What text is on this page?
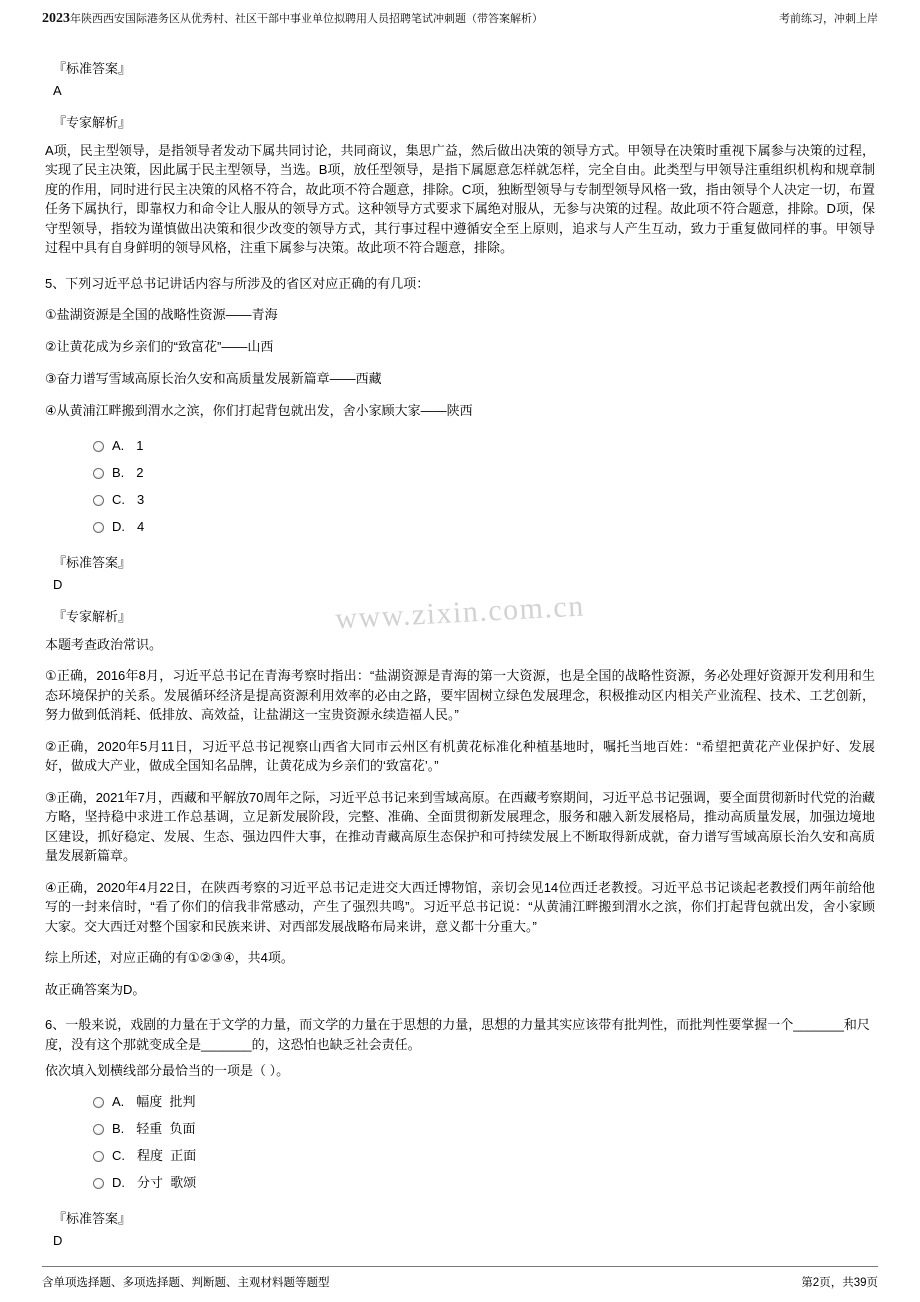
2023年陕西西安国际港务区从优秀村、社区干部中事业单位拟聘用人员招聘笔试冲刺题（带答案解析）	考前练习，冲刺上岸

『标准答案』

A

『专家解析』

A项，民主型领导，是指领导者发动下属共同讨论，共同商议，集思广益，然后做出决策的领导方式。甲领导在决策时重视下属参与决策的过程，实现了民主决策，因此属于民主型领导，当选。B项，放任型领导，是指下属愿意怎样就怎样，完全自由。此类型与甲领导注重组织机构和规章制度的作用，同时进行民主决策的风格不符合，故此项不符合题意，排除。C项，独断型领导与专制型领导风格一致，指由领导个人决定一切，布置任务下属执行，即靠权力和命令让人服从的领导方式。这种领导方式要求下属绝对服从，无参与决策的过程。故此项不符合题意，排除。D项，保守型领导，指较为谨慎做出决策和很少改变的领导方式，其行事过程中遵循安全至上原则，追求与人产生互动，致力于重复做同样的事。甲领导过程中具有自身鲜明的领导风格，注重下属参与决策。故此项不符合题意，排除。

5、下列习近平总书记讲话内容与所涉及的省区对应正确的有几项：

①盐湖资源是全国的战略性资源——青海

②让黄花成为乡亲们的“致富花”——山西

③奋力谱写雪域高原长治久安和高质量发展新篇章——西藏

④从黄浦江畔搬到渭水之滨，你们打起背包就出发，舍小家顾大家——陕西

A. 1
B. 2
C. 3
D. 4

『标准答案』

D

『专家解析』

本题考查政治常识。

①正确，2016年8月，习近平总书记在青海考察时指出：“盐湖资源是青海的第一大资源，也是全国的战略性资源，务必处理好资源开发利用和生态环境保护的关系。发展循环经济是提高资源利用效率的必由之路，要牢固树立绿色发展理念，积极推动区内相关产业流程、技术、工艺创新，努力做到低消耗、低排放、高效益，让盐湖这一宝贵资源永续造福人民。”

②正确，2020年5月11日，习近平总书记视察山西省大同市云州区有机黄花标准化种植基地时，嘱托当地百姓：“希望把黄花产业保护好、发展好，做成大产业，做成全国知名品牌，让黄花成为乡亲们的‘致富花’。”

③正确，2021年7月，西藏和平解放70周年之际，习近平总书记来到雪域高原。在西藏考察期间，习近平总书记强调，要全面贯彻新时代党的治藏方略，坚持稳中求进工作总基调，立足新发展阶段，完整、准确、全面贯彻新发展理念，服务和融入新发展格局，推动高质量发展，加强边境地区建设，抓好稳定、发展、生态、强边四件大事，在推动青藏高原生态保护和可持续发展上不断取得新成就，奋力谱写雪域高原长治久安和高质量发展新篇章。

④正确，2020年4月22日，在陕西考察的习近平总书记走进交大西迁博物馆，亲切会见14位西迁老教授。习近平总书记谈起老教授们两年前给他写的一封来信时，“看了你们的信我非常感动，产生了强烈共鸣”。习近平总书记说：“从黄浦江畔搬到渭水之滨，你们打起背包就出发，舍小家顾大家。交大西迁对整个国家和民族来讲、对西部发展战略布局来讲，意义都十分重大。”

综上所述，对应正确的有①②③④，共4项。

故正确答案为D。

6、一般来说，戏剧的力量在于文学的力量，而文学的力量在于思想的力量，思想的力量其实应该带有批判性，而批判性要掌握一个_______和尺度，没有这个那就变成全是_______的，这恐怕也缺乏社会责任。

依次填入划横线部分最恰当的一项是（ ）。

A. 幅度  批判
B. 轻重  负面
C. 程度  正面
D. 分寸  歌颂

『标准答案』

D

www.zixin.com.cn
含单项选择题、多项选择题、判断题、主观材料题等题型	第2页，共39页
